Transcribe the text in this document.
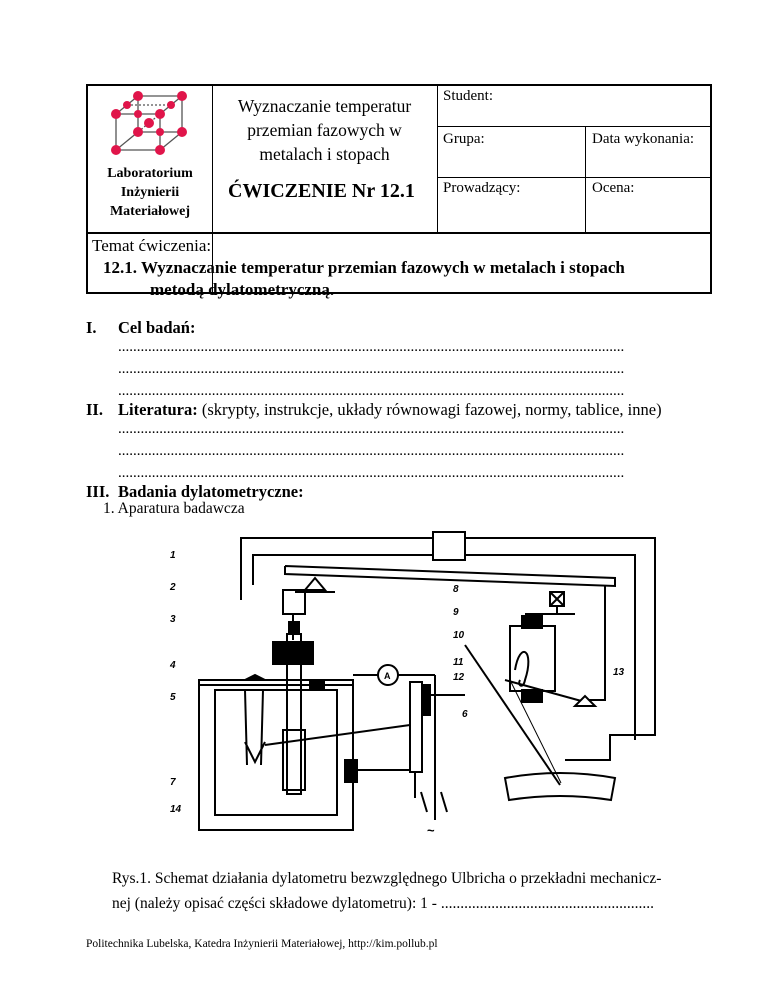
Laboratorium
Inżynierii
Materiałowej
Wyznaczanie temperatur
przemian fazowych w
metalach i stopach
ĆWICZENIE Nr 12.1
Student:
Grupa:	Data wykonania:
Prowadzący:	Ocena:
Temat ćwiczenia:
12.1. Wyznaczanie temperatur przemian fazowych w metalach i stopach
metodą dylatometryczną.
I. Cel badań:
.......................................................................................................................................
.......................................................................................................................................
.......................................................................................................................................
II. Literatura: (skrypty, instrukcje, układy równowagi fazowej, normy, tablice, inne)
.......................................................................................................................................
.......................................................................................................................................
.......................................................................................................................................
III. Badania dylatometryczne:
1. Aparatura badawcza
1
2
3
4
5
7
14
8
9
10
11
12
6
13
A
~
Rys.1. Schemat działania dylatometru bezwzględnego Ulbricha o przekładni mechanicz-
nej (należy opisać części składowe dylatometru): 1 - .......................................................
Politechnika Lubelska, Katedra Inżynierii Materiałowej, http://kim.pollub.pl
